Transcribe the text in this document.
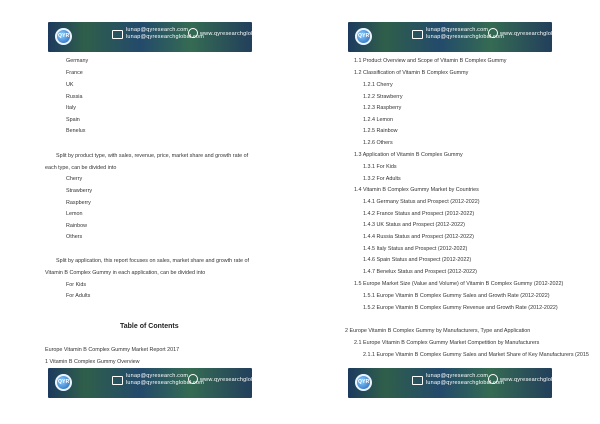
QYR
lunap@qyresearch.com
lunap@qyresearchglobal.com
www.qyresearchglobal.com
Germany
France
UK
Russia
Italy
Spain
Benelux
Split by product type, with sales, revenue, price, market share and growth rate of
each type, can be divided into
Cherry
Strawberry
Raspberry
Lemon
Rainbow
Others
Split by application, this report focuses on sales, market share and growth rate of
Vitamin B Complex Gummy in each application, can be divided into
For Kids
For Adults
Table of Contents
Europe Vitamin B Complex Gummy Market Report 2017
1 Vitamin B Complex Gummy Overview
QYR
lunap@qyresearch.com
lunap@qyresearchglobal.com
www.qyresearchglobal.com
1.1 Product Overview and Scope of Vitamin B Complex Gummy
1.2 Classification of Vitamin B Complex Gummy
1.2.1 Cherry
1.2.2 Strawberry
1.2.3 Raspberry
1.2.4 Lemon
1.2.5 Rainbow
1.2.6 Others
1.3 Application of Vitamin B Complex Gummy
1.3.1 For Kids
1.3.2 For Adults
1.4 Vitamin B Complex Gummy Market by Countries
1.4.1 Germany Status and Prospect (2012-2022)
1.4.2 France Status and Prospect (2012-2022)
1.4.3 UK Status and Prospect (2012-2022)
1.4.4 Russia Status and Prospect (2012-2022)
1.4.5 Italy Status and Prospect (2012-2022)
1.4.6 Spain Status and Prospect (2012-2022)
1.4.7 Benelux Status and Prospect (2012-2022)
1.5 Europe Market Size (Value and Volume) of Vitamin B Complex Gummy (2012-2022)
1.5.1 Europe Vitamin B Complex Gummy Sales and Growth Rate (2012-2022)
1.5.2 Europe Vitamin B Complex Gummy Revenue and Growth Rate (2012-2022)
2 Europe Vitamin B Complex Gummy by Manufacturers, Type and Application
2.1 Europe Vitamin B Complex Gummy Market Competition by Manufacturers
2.1.1 Europe Vitamin B Complex Gummy Sales and Market Share of Key Manufacturers (2015
QYR
lunap@qyresearch.com
lunap@qyresearchglobal.com
www.qyresearchglobal.com
QYR
lunap@qyresearch.com
lunap@qyresearchglobal.com
www.qyresearchglobal.com
